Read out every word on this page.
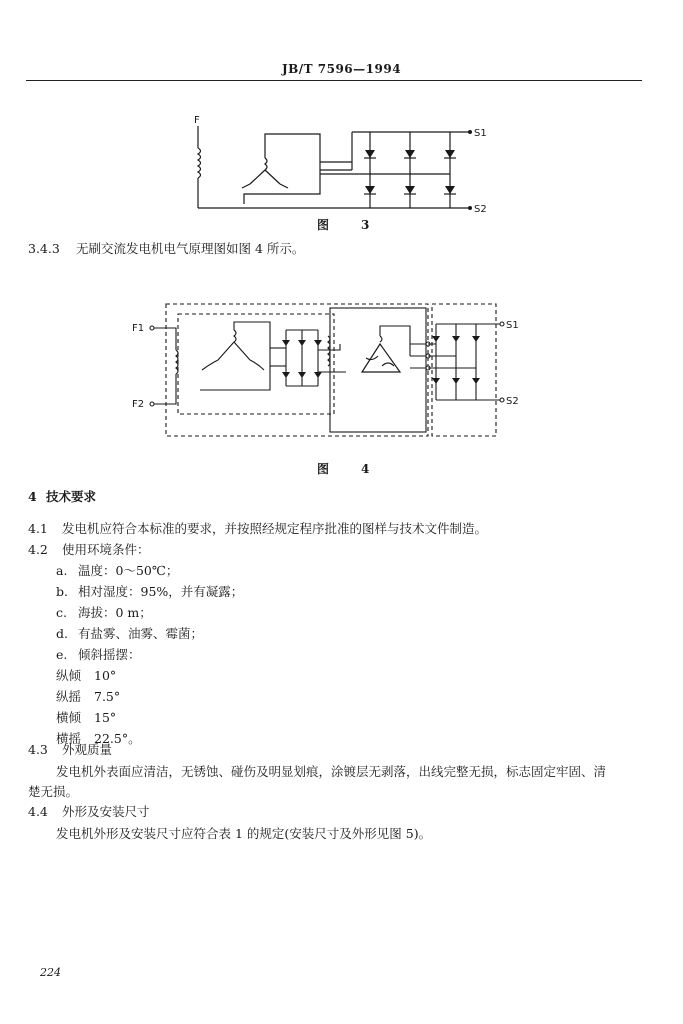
JB/T 7596—1994
F
S1
S2
图　3
3.4.3 无刷交流发电机电气原理图如图 4 所示。
F1
F2
S1
S2
图　4
4 技术要求
4.1 发电机应符合本标准的要求，并按照经规定程序批准的图样与技术文件制造。
4.2 使用环境条件：
a. 温度：0～50℃；
b. 相对湿度：95%，并有凝露；
c. 海拔：0 m；
d. 有盐雾、油雾、霉菌；
e. 倾斜摇摆：
纵倾 10°
纵摇 7.5°
横倾 15°
横摇 22.5°。
4.3 外观质量
发电机外表面应清洁，无锈蚀、碰伤及明显划痕，涂镀层无剥落，出线完整无损，标志固定牢固、清
楚无损。
4.4 外形及安装尺寸
发电机外形及安装尺寸应符合表 1 的规定(安装尺寸及外形见图 5)。
224
